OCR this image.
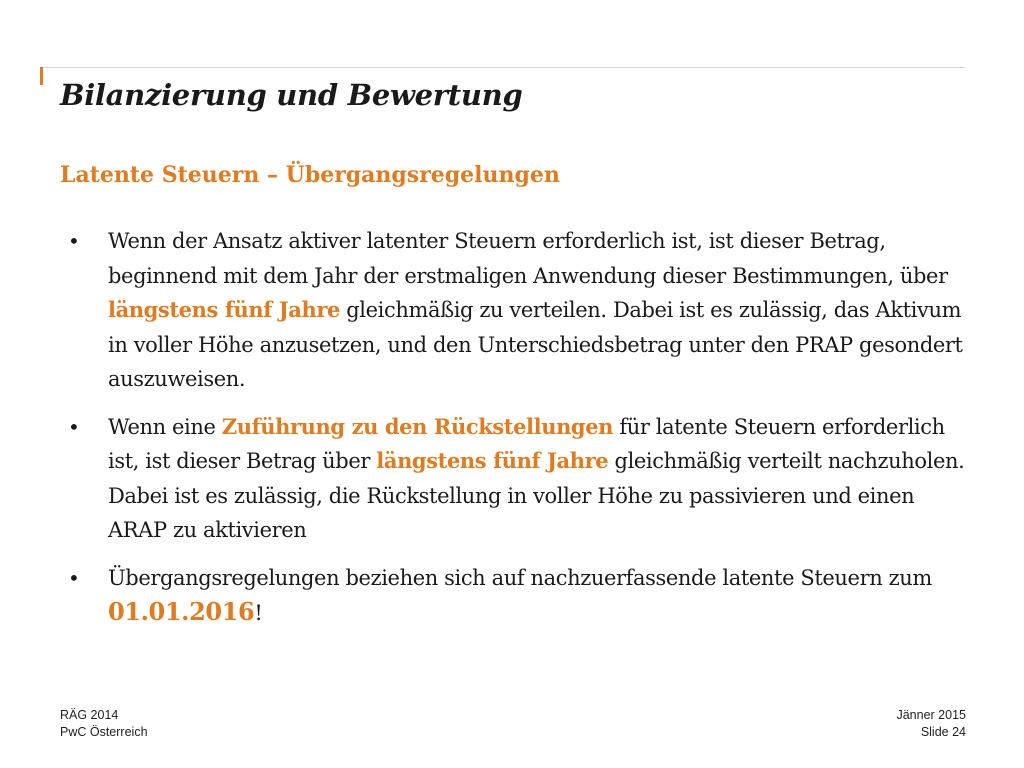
Bilanzierung und Bewertung
Latente Steuern – Übergangsregelungen
• Wenn der Ansatz aktiver latenter Steuern erforderlich ist, ist dieser Betrag, beginnend mit dem Jahr der erstmaligen Anwendung dieser Bestimmungen, über längstens fünf Jahre gleichmäßig zu verteilen. Dabei ist es zulässig, das Aktivum in voller Höhe anzusetzen, und den Unterschiedsbetrag unter den PRAP gesondert auszuweisen.
• Wenn eine Zuführung zu den Rückstellungen für latente Steuern erforderlich ist, ist dieser Betrag über längstens fünf Jahre gleichmäßig verteilt nachzuholen. Dabei ist es zulässig, die Rückstellung in voller Höhe zu passivieren und einen ARAP zu aktivieren
• Übergangsregelungen beziehen sich auf nachzuerfassende latente Steuern zum 01.01.2016!
RÄG 2014
PwC Österreich
Jänner 2015
Slide 24
